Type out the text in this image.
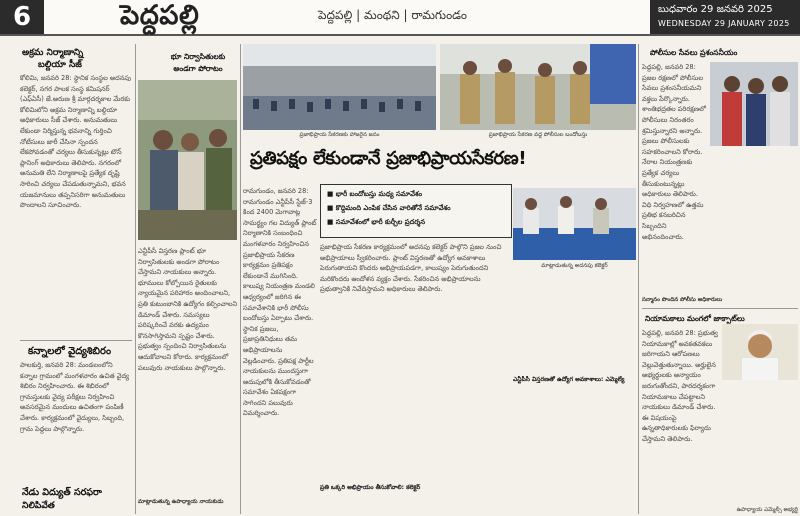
6	పెద్దపల్లి	పెద్దపల్లి | మంథని | రామగుండం	బుధవారం 29 జనవరి 2025
WEDNESDAY 29 JANUARY 2025
అక్రమ నిర్మాణాన్ని
బల్దియా సీజ్
కోలిమి, జనవరి 28: స్థానిక సంస్థల అదనపు కలెక్టర్, నగర పాలక సంస్థ కమిషనర్ (ఎఫ్ఏసీ) జే.అరుణ శ్రీ మార్గదర్శకాల మేరకు కోలిమిలోని అక్రమ నిర్మాణాన్ని బల్దియా అధికారులు సీజ్ చేశారు. అనుమతులు లేకుండా నిర్మిస్తున్న భవనాన్ని గుర్తించి నోటీసులు జారీ చేసినా స్పందన లేకపోవడంతో చర్యలు తీసుకున్నట్లు టౌన్ ప్లానింగ్ అధికారులు తెలిపారు. నగరంలో అనుమతి లేని నిర్మాణాలపై ప్రత్యేక దృష్టి సారించి చర్యలు చేపడుతున్నామని, భవన యజమానులు తప్పనిసరిగా అనుమతులు పొందాలని సూచించారు.
కన్నాలలో వైద్యశిబిరం
పాలకుర్తి, జనవరి 28: మండలంలోని కన్నాల గ్రామంలో మంగళవారం ఉచిత వైద్య శిబిరం నిర్వహించారు. ఈ శిబిరంలో గ్రామస్తులకు వైద్య పరీక్షలు నిర్వహించి అవసరమైన మందులు ఉచితంగా పంపిణీ చేశారు. కార్యక్రమంలో వైద్యులు, సిబ్బంది, గ్రామ పెద్దలు పాల్గొన్నారు.
నేడు విద్యుత్ సరఫరా
నిలిపివేత
భూ నిర్వాసితులకు
అండగా పోరాటం
ఎన్టీపీసీ విస్తరణ ప్లాంట్ భూ నిర్వాసితులకు అండగా పోరాటం చేస్తామని నాయకులు అన్నారు. భూములు కోల్పోయిన రైతులకు న్యాయమైన పరిహారం అందించాలని, ప్రతి కుటుంబానికి ఉద్యోగం కల్పించాలని డిమాండ్ చేశారు. సమస్యలు పరిష్కరించే వరకు ఉద్యమం కొనసాగిస్తామని స్పష్టం చేశారు. ప్రభుత్వం స్పందించి నిర్వాసితులను ఆదుకోవాలని కోరారు. కార్యక్రమంలో పలువురు నాయకులు పాల్గొన్నారు.
మాట్లాడుతున్న ఉపాధ్యాయ నాయకుడు
ప్రజాభిప్రాయ సేకరణకు హాజరైన జనం	ప్రజాభిప్రాయ సేకరణ వద్ద పోలీసుల బందోబస్తు
ప్రతిపక్షం లేకుండానే ప్రజాభిప్రాయసేకరణ!
■ భారీ బందోబస్తు మధ్య సమావేశం
■ కొద్దిమంది ఎంపిక చేసిన వారితోనే సమావేశం
■ సమావేశంలో భారీ కుర్చీల ప్రదర్శన
రామగుండం, జనవరి 28: రామగుండం ఎన్టీపీసీ స్టేజ్-3 కింద 2400 మెగావాట్ల సామర్థ్యం గల విద్యుత్ ప్లాంట్ నిర్మాణానికి సంబంధించి మంగళవారం నిర్వహించిన ప్రజాభిప్రాయ సేకరణ కార్యక్రమం ప్రతిపక్షం లేకుండానే ముగిసింది. కాలుష్య నియంత్రణ మండలి ఆధ్వర్యంలో జరిగిన ఈ సమావేశానికి భారీ పోలీసు బందోబస్తు ఏర్పాటు చేశారు. స్థానిక ప్రజలు, ప్రజాప్రతినిధులు తమ అభిప్రాయాలను వెల్లడించారు. ప్రతిపక్ష పార్టీల నాయకులను ముందస్తుగా అదుపులోకి తీసుకోవడంతో సమావేశం ఏకపక్షంగా సాగిందని పలువురు విమర్శించారు.
ప్రజాభిప్రాయ సేకరణ కార్యక్రమంలో అదనపు కలెక్టర్ పాల్గొని ప్రజల నుంచి అభిప్రాయాలు స్వీకరించారు. ప్లాంట్ విస్తరణతో ఉద్యోగ అవకాశాలు పెరుగుతాయని కొందరు అభిప్రాయపడగా, కాలుష్యం పెరుగుతుందని మరికొందరు ఆందోళన వ్యక్తం చేశారు. సేకరించిన అభిప్రాయాలను ప్రభుత్వానికి నివేదిస్తామని అధికారులు తెలిపారు.
మాట్లాడుతున్న అదనపు కలెక్టర్
ఎన్టీపీసీ విస్తరణతో ఉద్యోగ అవకాశాలు: ఎమ్మెల్యే
ప్రతి ఒక్కరి అభిప్రాయం తీసుకోవాలి: కలెక్టర్
పోలీసుల సేవలు ప్రశంసనీయం
పెద్దపల్లి, జనవరి 28: ప్రజల రక్షణలో పోలీసుల సేవలు ప్రశంసనీయమని వక్తలు పేర్కొన్నారు. శాంతిభద్రతల పరిరక్షణలో పోలీసులు నిరంతరం శ్రమిస్తున్నారని అన్నారు. ప్రజలు పోలీసులకు సహకరించాలని కోరారు. నేరాల నియంత్రణకు ప్రత్యేక చర్యలు తీసుకుంటున్నట్లు అధికారులు తెలిపారు. విధి నిర్వహణలో ఉత్తమ ప్రతిభ కనబరిచిన సిబ్బందిని అభినందించారు.
సన్మానం పొందిన పోలీసు అధికారులు
నియామకాలు మంగలో జాక్పాట్‌లు
పెద్దపల్లి, జనవరి 28: ప్రభుత్వ నియామకాల్లో అవకతవకలు జరిగాయని ఆరోపణలు వెల్లువెత్తుతున్నాయి. అర్హులైన అభ్యర్థులకు అన్యాయం జరుగుతోందని, పారదర్శకంగా నియామకాలు చేపట్టాలని నాయకులు డిమాండ్ చేశారు. ఈ విషయంపై ఉన్నతాధికారులకు ఫిర్యాదు చేస్తామని తెలిపారు.
ఉపాధ్యాయ ఎమ్మెల్సీ అభ్యర్థి
